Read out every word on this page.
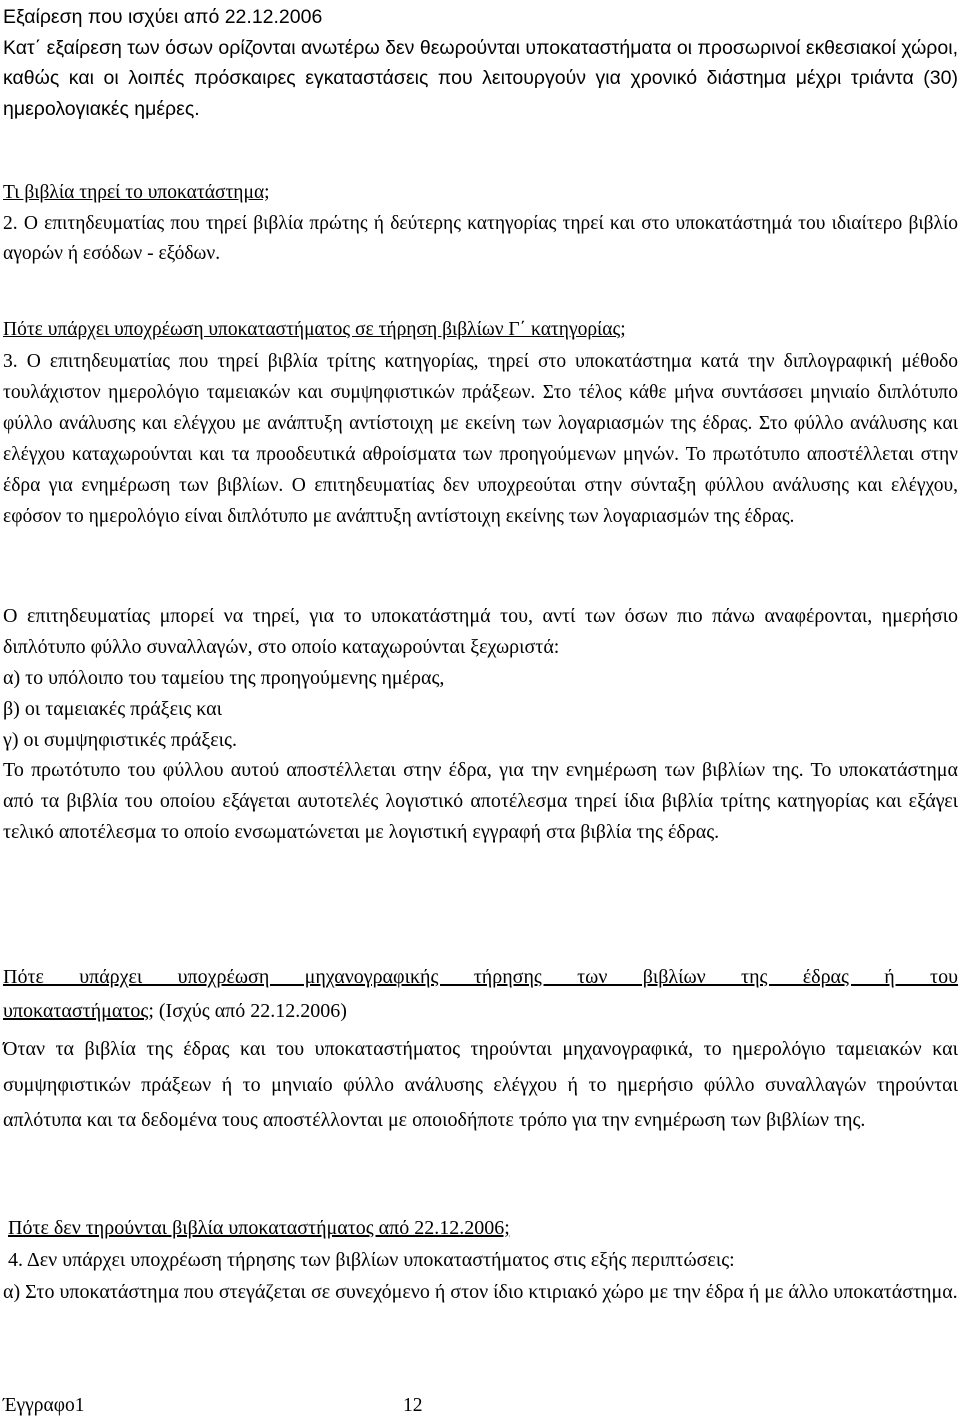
Εξαίρεση που ισχύει από 22.12.2006
Κατ΄ εξαίρεση των όσων ορίζονται ανωτέρω δεν θεωρούνται υποκαταστήματα οι προσωρινοί εκθεσιακοί χώροι, καθώς και οι λοιπές πρόσκαιρες εγκαταστάσεις που λειτουργούν για χρονικό διάστημα μέχρι τριάντα (30) ημερολογιακές ημέρες.
Τι βιβλία τηρεί το υποκατάστημα;
2. Ο επιτηδευματίας που τηρεί βιβλία πρώτης ή δεύτερης κατηγορίας τηρεί και στο υποκατάστημά του ιδιαίτερο βιβλίο αγορών ή εσόδων - εξόδων.
Πότε υπάρχει υποχρέωση υποκαταστήματος σε τήρηση βιβλίων Γ΄ κατηγορίας;
3. Ο επιτηδευματίας που τηρεί βιβλία τρίτης κατηγορίας, τηρεί στο υποκατάστημα κατά την διπλογραφική μέθοδο τουλάχιστον ημερολόγιο ταμειακών και συμψηφιστικών πράξεων. Στο τέλος κάθε μήνα συντάσσει μηνιαίο διπλότυπο φύλλο ανάλυσης και ελέγχου με ανάπτυξη αντίστοιχη με εκείνη των λογαριασμών της έδρας. Στο φύλλο ανάλυσης και ελέγχου καταχωρούνται και τα προοδευτικά αθροίσματα των προηγούμενων μηνών. Το πρωτότυπο αποστέλλεται στην έδρα για ενημέρωση των βιβλίων. Ο επιτηδευματίας δεν υποχρεούται στην σύνταξη φύλλου ανάλυσης και ελέγχου, εφόσον το ημερολόγιο είναι διπλότυπο με ανάπτυξη αντίστοιχη εκείνης των λογαριασμών της έδρας.
Ο επιτηδευματίας μπορεί να τηρεί, για το υποκατάστημά του, αντί των όσων πιο πάνω αναφέρονται, ημερήσιο διπλότυπο φύλλο συναλλαγών, στο οποίο καταχωρούνται ξεχωριστά:
α) το υπόλοιπο του ταμείου της προηγούμενης ημέρας,
β) οι ταμειακές πράξεις και
γ) οι συμψηφιστικές πράξεις.
Το πρωτότυπο του φύλλου αυτού αποστέλλεται στην έδρα, για την ενημέρωση των βιβλίων της. Το υποκατάστημα από τα βιβλία του οποίου εξάγεται αυτοτελές λογιστικό αποτέλεσμα τηρεί ίδια βιβλία τρίτης κατηγορίας και εξάγει τελικό αποτέλεσμα το οποίο ενσωματώνεται με λογιστική εγγραφή στα βιβλία της έδρας.
Πότε υπάρχει υποχρέωση μηχανογραφικής τήρησης των βιβλίων της έδρας ή του
υποκαταστήματος; (Ισχύς από 22.12.2006)
Όταν τα βιβλία της έδρας και του υποκαταστήματος τηρούνται μηχανογραφικά, το ημερολόγιο ταμειακών και συμψηφιστικών πράξεων ή το μηνιαίο φύλλο ανάλυσης ελέγχου ή το ημερήσιο φύλλο συναλλαγών τηρούνται απλότυπα και τα δεδομένα τους αποστέλλονται με οποιοδήποτε τρόπο για την ενημέρωση των βιβλίων της.
Πότε δεν τηρούνται βιβλία υποκαταστήματος από 22.12.2006;
4. Δεν υπάρχει υποχρέωση τήρησης των βιβλίων υποκαταστήματος στις εξής περιπτώσεις:
α) Στο υποκατάστημα που στεγάζεται σε συνεχόμενο ή στον ίδιο κτιριακό χώρο με την έδρα ή με άλλο υποκατάστημα.
Έγγραφο1	12
